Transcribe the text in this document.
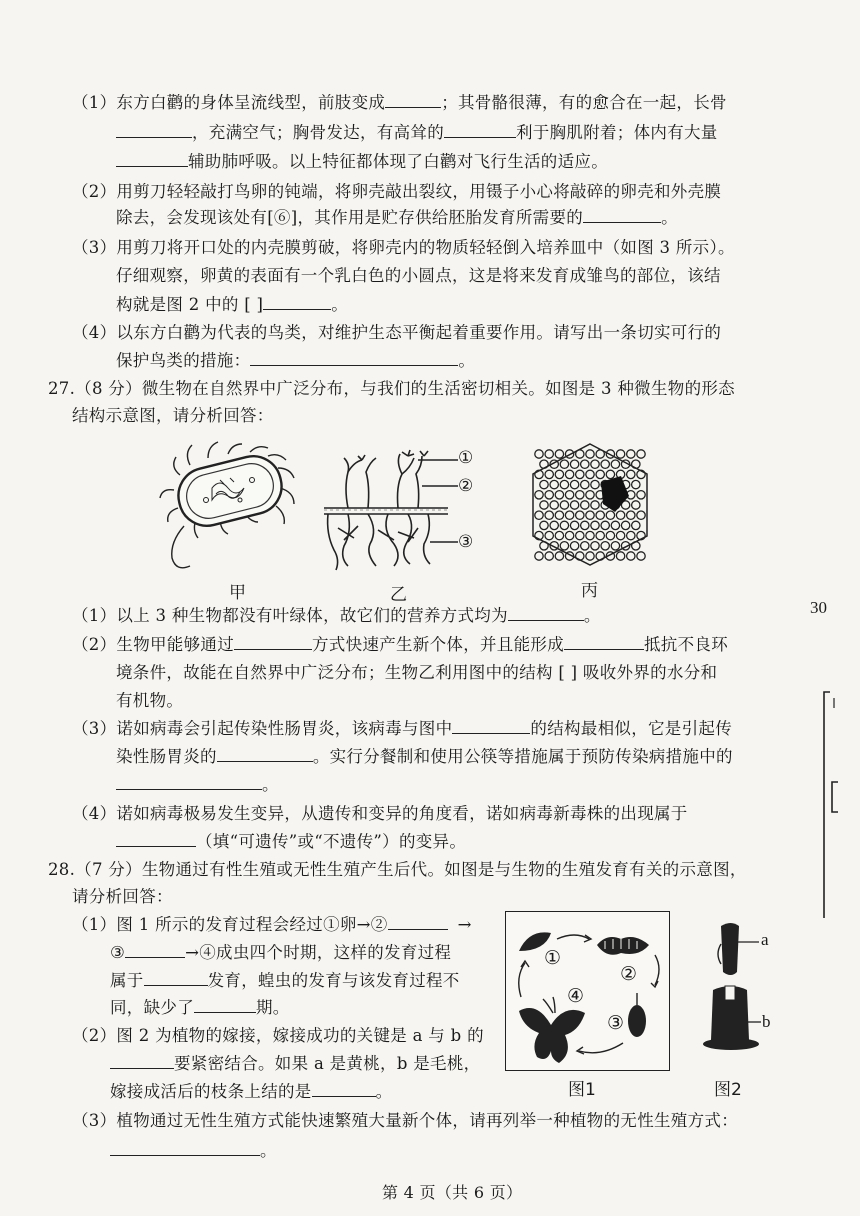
（1）东方白鹳的身体呈流线型，前肢变成	；其骨骼很薄，有的愈合在一起，长骨
，充满空气；胸骨发达，有高耸的	利于胸肌附着；体内有大量
辅助肺呼吸。以上特征都体现了白鹳对飞行生活的适应。
（2）用剪刀轻轻敲打鸟卵的钝端，将卵壳敲出裂纹，用镊子小心将敲碎的卵壳和外壳膜
除去，会发现该处有[⑥]，其作用是贮存供给胚胎发育所需要的	。
（3）用剪刀将开口处的内壳膜剪破，将卵壳内的物质轻轻倒入培养皿中（如图 3 所示）。
仔细观察，卵黄的表面有一个乳白色的小圆点，这是将来发育成雏鸟的部位，该结
构就是图 2 中的 [ ]	。
（4）以东方白鹳为代表的鸟类，对维护生态平衡起着重要作用。请写出一条切实可行的
保护鸟类的措施：	。
27.（8 分）微生物在自然界中广泛分布，与我们的生活密切相关。如图是 3 种微生物的形态
结构示意图，请分析回答：
①
②
③
甲	乙	丙
（1）以上 3 种生物都没有叶绿体，故它们的营养方式均为	。
（2）生物甲能够通过	方式快速产生新个体，并且能形成	抵抗不良环
境条件，故能在自然界中广泛分布；生物乙利用图中的结构 [ ] 吸收外界的水分和
有机物。
（3）诺如病毒会引起传染性肠胃炎，该病毒与图中	的结构最相似，它是引起传
染性肠胃炎的	。实行分餐制和使用公筷等措施属于预防传染病措施中的
。
（4）诺如病毒极易发生变异，从遗传和变异的角度看，诺如病毒新毒株的出现属于
（填“可遗传”或“不遗传”）的变异。
28.（7 分）生物通过有性生殖或无性生殖产生后代。如图是与生物的生殖发育有关的示意图，
请分析回答：
（1）图 1 所示的发育过程会经过①卵→②	→
③	→④成虫四个时期，这样的发育过程
属于	发育，蝗虫的发育与该发育过程不
同，缺少了	期。
（2）图 2 为植物的嫁接，嫁接成功的关键是 a 与 b 的
要紧密结合。如果 a 是黄桃，b 是毛桃，
嫁接成活后的枝条上结的是	。
①
②
③
④
a
b
图1	图2
（3）植物通过无性生殖方式能快速繁殖大量新个体，请再列举一种植物的无性生殖方式：
。
第 4 页（共 6 页）
30
